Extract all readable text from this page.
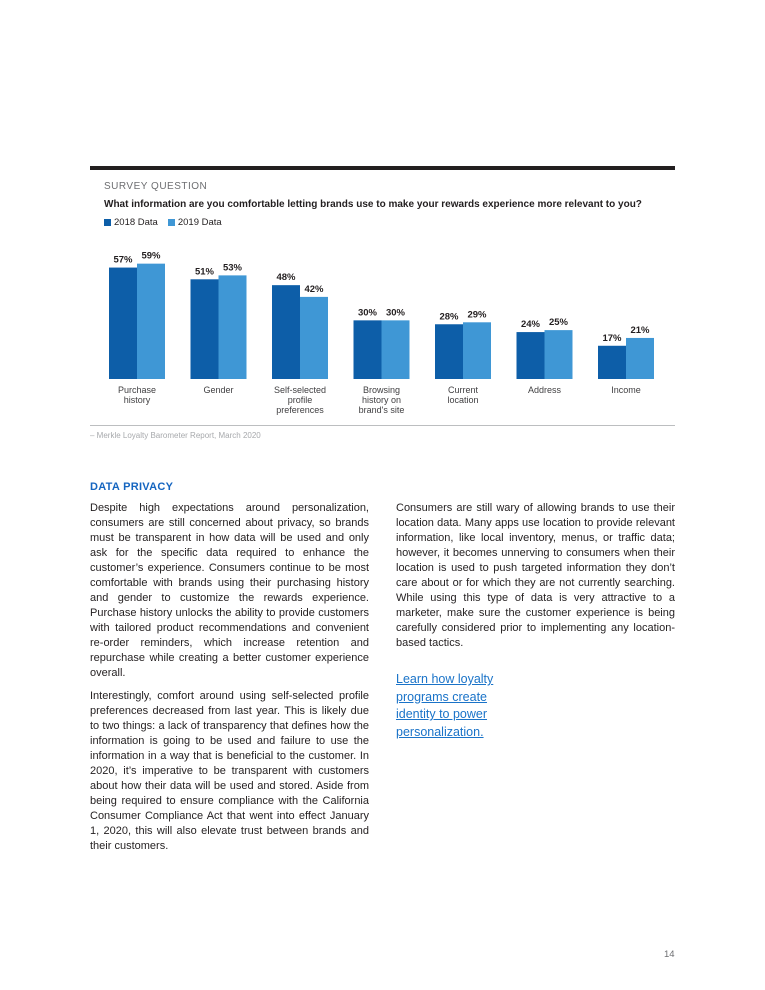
SURVEY QUESTION
What information are you comfortable letting brands use to make your rewards experience more relevant to you?
2018 Data 2019 Data
57% 59%
Purchase
history
51% 53%
Gender
48%
42%
Self-selected
profile
preferences
30% 30%
Browsing
history on
brand's site
28% 29%
Current
location
24% 25%
Address
17%
21%
Income
– Merkle Loyalty Barometer Report, March 2020
DATA PRIVACY

Despite high expectations around personalization, consumers are still concerned about privacy, so brands must be transparent in how data will be used and only ask for the specific data required to enhance the customer’s experience. Consumers continue to be most comfortable with brands using their purchasing history and gender to customize the rewards experience. Purchase history unlocks the ability to provide customers with tailored product recommendations and convenient re-order reminders, which increase retention and repurchase while creating a better customer experience overall.

Interestingly, comfort around using self-selected profile preferences decreased from last year. This is likely due to two things: a lack of transparency that defines how the information is going to be used and failure to use the information in a way that is beneficial to the customer. In 2020, it’s imperative to be transparent with customers about how their data will be used and stored. Aside from being required to ensure compliance with the California Consumer Compliance Act that went into effect January 1, 2020, this will also elevate trust between brands and their customers.

Consumers are still wary of allowing brands to use their location data. Many apps use location to provide relevant information, like local inventory, menus, or traffic data; however, it becomes unnerving to consumers when their location is used to push targeted information they don’t care about or for which they are not currently searching. While using this type of data is very attractive to a marketer, make sure the customer experience is being carefully considered prior to implementing any location-based tactics.

Learn how loyalty programs create identity to power personalization.
14
